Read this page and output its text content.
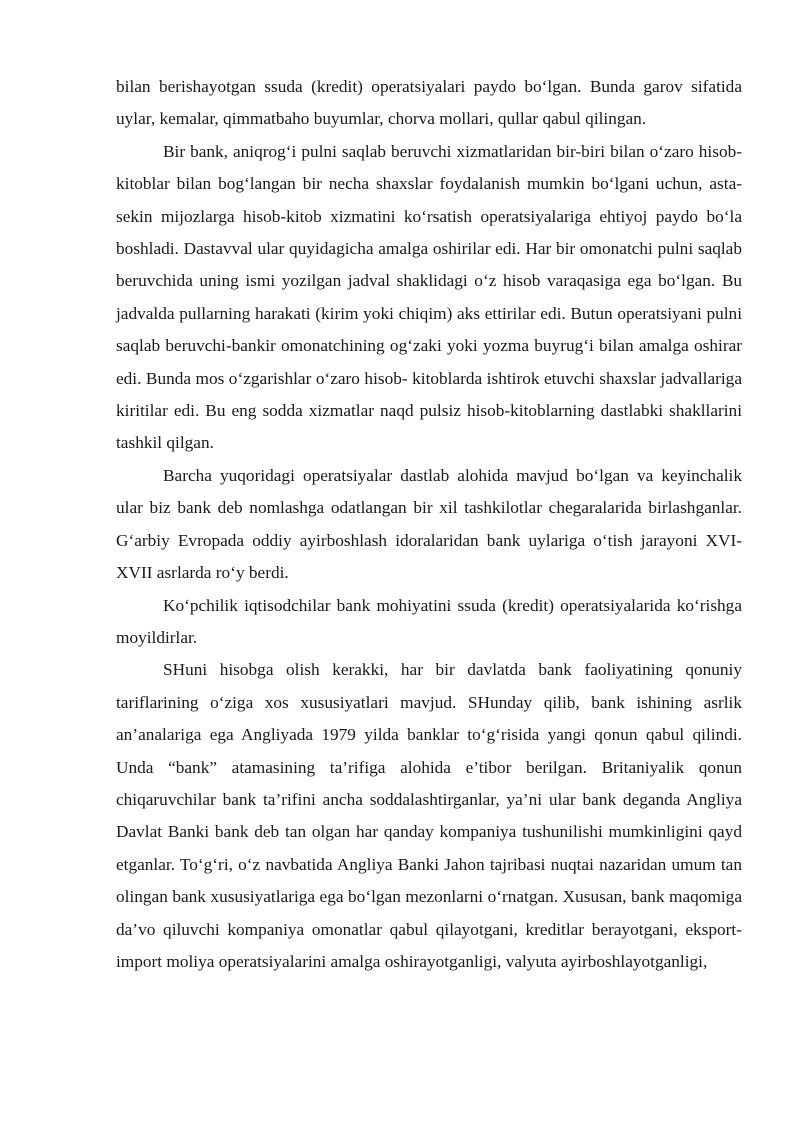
bilan berishayotgan ssuda (kredit) operatsiyalari paydo bo‘lgan. Bunda garov sifatida uylar, kemalar, qimmatbaho buyumlar, chorva mollari, qullar qabul qilingan.

Bir bank, aniqrog‘i pulni saqlab beruvchi xizmatlaridan bir-biri bilan o‘zaro hisob-kitoblar bilan bog‘langan bir necha shaxslar foydalanish mumkin bo‘lgani uchun, asta-sekin mijozlarga hisob-kitob xizmatini ko‘rsatish operatsiyalariga ehtiyoj paydo bo‘la boshladi. Dastavval ular quyidagicha amalga oshirilar edi. Har bir omonatchi pulni saqlab beruvchida uning ismi yozilgan jadval shaklidagi o‘z hisob varaqasiga ega bo‘lgan. Bu jadvalda pullarning harakati (kirim yoki chiqim) aks ettirilar edi. Butun operatsiyani pulni saqlab beruvchi-bankir omonatchining og‘zaki yoki yozma buyrug‘i bilan amalga oshirar edi. Bunda mos o‘zgarishlar o‘zaro hisob- kitoblarda ishtirok etuvchi shaxslar jadvallariga kiritilar edi. Bu eng sodda xizmatlar naqd pulsiz hisob-kitoblarning dastlabki shakllarini tashkil qilgan.

Barcha yuqoridagi operatsiyalar dastlab alohida mavjud bo‘lgan va keyinchalik ular biz bank deb nomlashga odatlangan bir xil tashkilotlar chegaralarida birlashganlar. G‘arbiy Evropada oddiy ayirboshlash idoralaridan bank uylariga o‘tish jarayoni XVI-XVII asrlarda ro‘y berdi.

Ko‘pchilik iqtisodchilar bank mohiyatini ssuda (kredit) operatsiyalarida ko‘rishga moyildirlar.

SHuni hisobga olish kerakki, har bir davlatda bank faoliyatining qonuniy tariflarining o‘ziga xos xususiyatlari mavjud. SHunday qilib, bank ishining asrlik an’analariga ega Angliyada 1979 yilda banklar to‘g‘risida yangi qonun qabul qilindi. Unda “bank” atamasining ta’rifiga alohida e’tibor berilgan. Britaniyalik qonun chiqaruvchilar bank ta’rifini ancha soddalashtirganlar, ya’ni ular bank deganda Angliya Davlat Banki bank deb tan olgan har qanday kompaniya tushunilishi mumkinligini qayd etganlar. To‘g‘ri, o‘z navbatida Angliya Banki Jahon tajribasi nuqtai nazaridan umum tan olingan bank xususiyatlariga ega bo‘lgan mezonlarni o‘rnatgan. Xususan, bank maqomiga da’vo qiluvchi kompaniya omonatlar qabul qilayotgani, kreditlar berayotgani, eksport-import moliya operatsiyalarini amalga oshirayotganligi, valyuta ayirboshlayotganligi,
